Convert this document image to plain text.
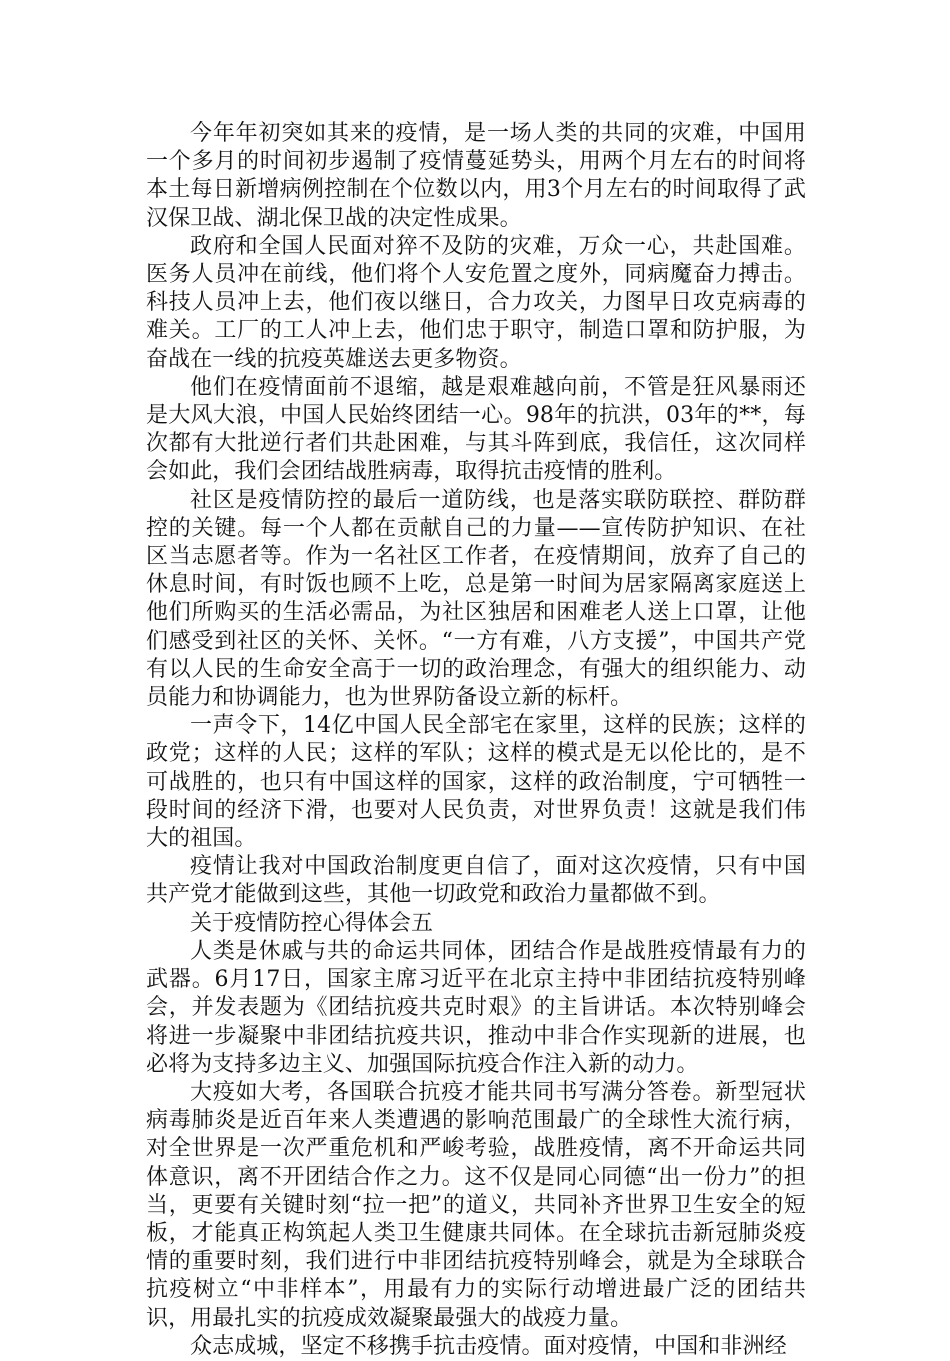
今年年初突如其来的疫情，是一场人类的共同的灾难，中国用一个多月的时间初步遏制了疫情蔓延势头，用两个月左右的时间将本土每日新增病例控制在个位数以内，用3个月左右的时间取得了武汉保卫战、湖北保卫战的决定性成果。

政府和全国人民面对猝不及防的灾难，万众一心，共赴国难。医务人员冲在前线，他们将个人安危置之度外，同病魔奋力搏击。科技人员冲上去，他们夜以继日，合力攻关，力图早日攻克病毒的难关。工厂的工人冲上去，他们忠于职守，制造口罩和防护服，为奋战在一线的抗疫英雄送去更多物资。

他们在疫情面前不退缩，越是艰难越向前，不管是狂风暴雨还是大风大浪，中国人民始终团结一心。98年的抗洪，03年的**，每次都有大批逆行者们共赴困难，与其斗阵到底，我信任，这次同样会如此，我们会团结战胜病毒，取得抗击疫情的胜利。

社区是疫情防控的最后一道防线，也是落实联防联控、群防群控的关键。每一个人都在贡献自己的力量——宣传防护知识、在社区当志愿者等。作为一名社区工作者，在疫情期间，放弃了自己的休息时间，有时饭也顾不上吃，总是第一时间为居家隔离家庭送上他们所购买的生活必需品，为社区独居和困难老人送上口罩，让他们感受到社区的关怀、关怀。“一方有难，八方支援”，中国共产党有以人民的生命安全高于一切的政治理念，有强大的组织能力、动员能力和协调能力，也为世界防备设立新的标杆。

一声令下，14亿中国人民全部宅在家里，这样的民族；这样的政党；这样的人民；这样的军队；这样的模式是无以伦比的，是不可战胜的，也只有中国这样的国家，这样的政治制度，宁可牺牲一段时间的经济下滑，也要对人民负责，对世界负责！这就是我们伟大的祖国。

疫情让我对中国政治制度更自信了，面对这次疫情，只有中国共产党才能做到这些，其他一切政党和政治力量都做不到。

关于疫情防控心得体会五

人类是休戚与共的命运共同体，团结合作是战胜疫情最有力的武器。6月17日，国家主席习近平在北京主持中非团结抗疫特别峰会，并发表题为《团结抗疫共克时艰》的主旨讲话。本次特别峰会将进一步凝聚中非团结抗疫共识，推动中非合作实现新的进展，也必将为支持多边主义、加强国际抗疫合作注入新的动力。

大疫如大考，各国联合抗疫才能共同书写满分答卷。新型冠状病毒肺炎是近百年来人类遭遇的影响范围最广的全球性大流行病，对全世界是一次严重危机和严峻考验，战胜疫情，离不开命运共同体意识，离不开团结合作之力。这不仅是同心同德“出一份力”的担当，更要有关键时刻“拉一把”的道义，共同补齐世界卫生安全的短板，才能真正构筑起人类卫生健康共同体。在全球抗击新冠肺炎疫情的重要时刻，我们进行中非团结抗疫特别峰会，就是为全球联合抗疫树立“中非样本”，用最有力的实际行动增进最广泛的团结共识，用最扎实的抗疫成效凝聚最强大的战疫力量。

众志成城，坚定不移携手抗击疫情。面对疫情，中国和非洲经
